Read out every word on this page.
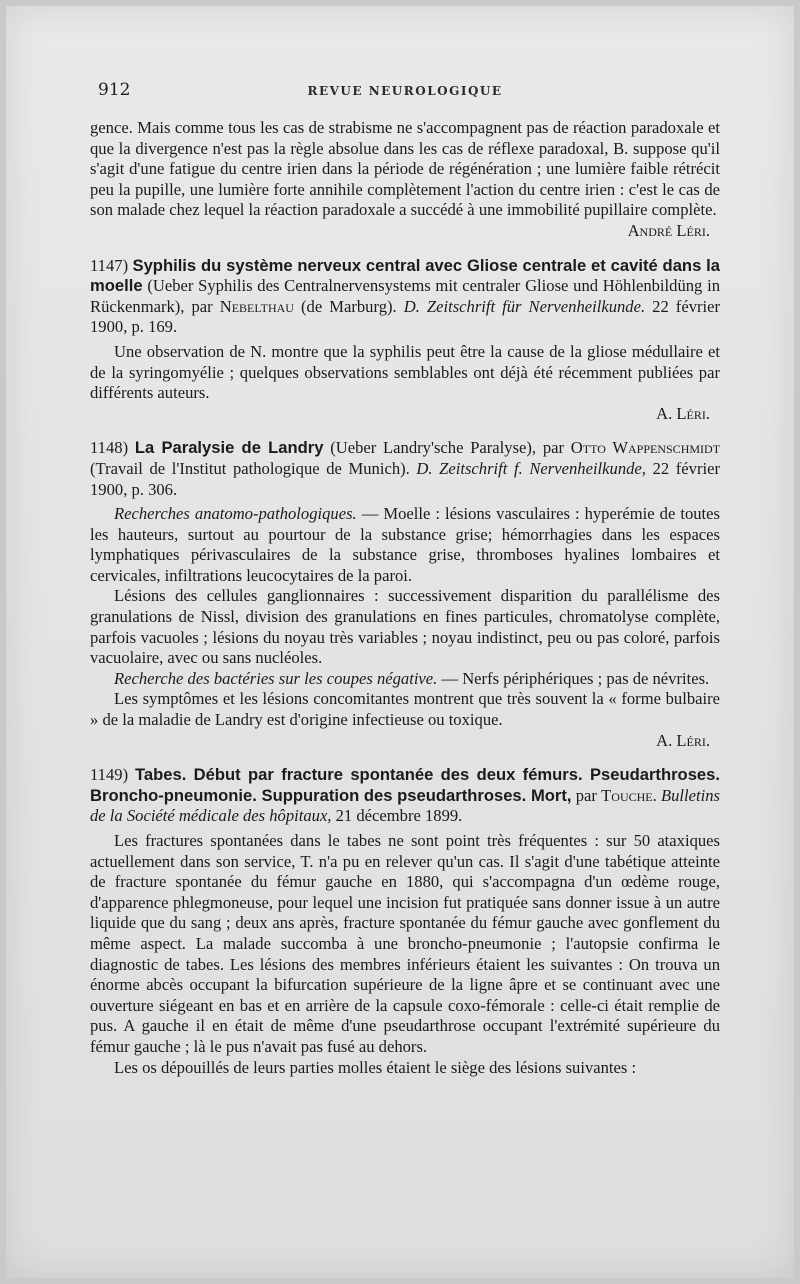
912	REVUE NEUROLOGIQUE

gence. Mais comme tous les cas de strabisme ne s'accompagnent pas de réaction paradoxale et que la divergence n'est pas la règle absolue dans les cas de réflexe paradoxal, B. suppose qu'il s'agit d'une fatigue du centre irien dans la période de régénération ; une lumière faible rétrécit peu la pupille, une lumière forte annihile complètement l'action du centre irien : c'est le cas de son malade chez lequel la réaction paradoxale a succédé à une immobilité pupillaire complète.

André Léri.

1147) Syphilis du système nerveux central avec Gliose centrale et cavité dans la moelle (Ueber Syphilis des Centralnervensystems mit centraler Gliose und Höhlenbildüng in Rückenmark), par Nebelthau (de Marburg). D. Zeitschrift für Nervenheilkunde. 22 février 1900, p. 169.

Une observation de N. montre que la syphilis peut être la cause de la gliose médullaire et de la syringomyélie ; quelques observations semblables ont déjà été récemment publiées par différents auteurs.

A. Léri.

1148) La Paralysie de Landry (Ueber Landry'sche Paralyse), par Otto Wappenschmidt (Travail de l'Institut pathologique de Munich). D. Zeitschrift f. Nervenheilkunde, 22 février 1900, p. 306.

Recherches anatomo-pathologiques. — Moelle : lésions vasculaires : hyperémie de toutes les hauteurs, surtout au pourtour de la substance grise; hémorrhagies dans les espaces lymphatiques périvasculaires de la substance grise, thromboses hyalines lombaires et cervicales, infiltrations leucocytaires de la paroi.

Lésions des cellules ganglionnaires : successivement disparition du parallélisme des granulations de Nissl, division des granulations en fines particules, chromatolyse complète, parfois vacuoles ; lésions du noyau très variables ; noyau indistinct, peu ou pas coloré, parfois vacuolaire, avec ou sans nucléoles.

Recherche des bactéries sur les coupes négative. — Nerfs périphériques ; pas de névrites.

Les symptômes et les lésions concomitantes montrent que très souvent la « forme bulbaire » de la maladie de Landry est d'origine infectieuse ou toxique.

A. Léri.

1149) Tabes. Début par fracture spontanée des deux fémurs. Pseudarthroses. Broncho-pneumonie. Suppuration des pseudarthroses. Mort, par Touche. Bulletins de la Société médicale des hôpitaux, 21 décembre 1899.

Les fractures spontanées dans le tabes ne sont point très fréquentes : sur 50 ataxiques actuellement dans son service, T. n'a pu en relever qu'un cas. Il s'agit d'une tabétique atteinte de fracture spontanée du fémur gauche en 1880, qui s'accompagna d'un œdème rouge, d'apparence phlegmoneuse, pour lequel une incision fut pratiquée sans donner issue à un autre liquide que du sang ; deux ans après, fracture spontanée du fémur gauche avec gonflement du même aspect. La malade succomba à une broncho-pneumonie ; l'autopsie confirma le diagnostic de tabes. Les lésions des membres inférieurs étaient les suivantes : On trouva un énorme abcès occupant la bifurcation supérieure de la ligne âpre et se continuant avec une ouverture siégeant en bas et en arrière de la capsule coxo-fémorale : celle-ci était remplie de pus. A gauche il en était de même d'une pseudarthrose occupant l'extrémité supérieure du fémur gauche ; là le pus n'avait pas fusé au dehors.

Les os dépouillés de leurs parties molles étaient le siège des lésions suivantes :
